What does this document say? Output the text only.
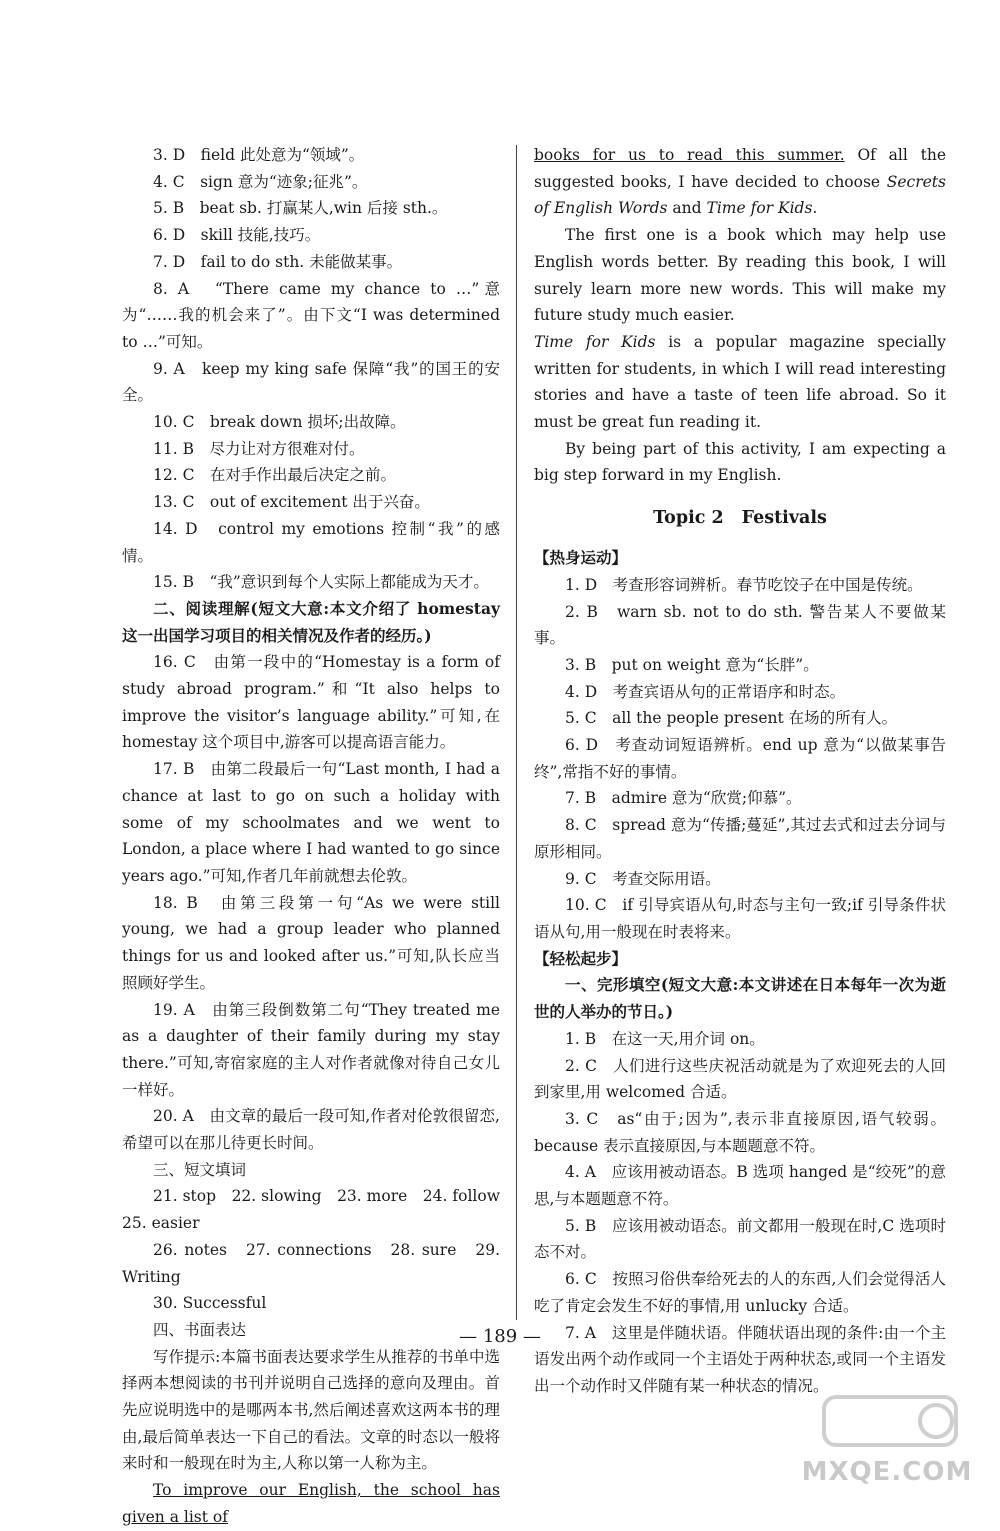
3. D　field 此处意为“领域”。

4. C　sign 意为“迹象;征兆”。

5. B　beat sb. 打赢某人,win 后接 sth.。

6. D　skill 技能,技巧。

7. D　fail to do sth. 未能做某事。

8. A　“There came my chance to …”意为“……我的机会来了”。由下文“I was determined to …”可知。

9. A　keep my king safe 保障“我”的国王的安全。

10. C　break down 损坏;出故障。

11. B　尽力让对方很难对付。

12. C　在对手作出最后决定之前。

13. C　out of excitement 出于兴奋。

14. D　control my emotions 控制“我”的感情。

15. B　“我”意识到每个人实际上都能成为天才。

二、阅读理解(短文大意:本文介绍了 homestay 这一出国学习项目的相关情况及作者的经历。)

16. C　由第一段中的“Homestay is a form of study abroad program.”和“It also helps to improve the visitor’s language ability.”可知,在 homestay 这个项目中,游客可以提高语言能力。

17. B　由第二段最后一句“Last month, I had a chance at last to go on such a holiday with some of my schoolmates and we went to London, a place where I had wanted to go since years ago.”可知,作者几年前就想去伦敦。

18. B　由第三段第一句“As we were still young, we had a group leader who planned things for us and looked after us.”可知,队长应当照顾好学生。

19. A　由第三段倒数第二句“They treated me as a daughter of their family during my stay there.”可知,寄宿家庭的主人对作者就像对待自己女儿一样好。

20. A　由文章的最后一段可知,作者对伦敦很留恋,希望可以在那儿待更长时间。

三、短文填词

21. stop　22. slowing　23. more　24. follow　25. easier

26. notes　27. connections　28. sure　29. Writing

30. Successful

四、书面表达

写作提示:本篇书面表达要求学生从推荐的书单中选择两本想阅读的书刊并说明自己选择的意向及理由。首先应说明选中的是哪两本书,然后阐述喜欢这两本书的理由,最后简单表达一下自己的看法。文章的时态以一般将来时和一般现在时为主,人称以第一人称为主。

To improve our English, the school has given a list of

books for us to read this summer. Of all the suggested books, I have decided to choose Secrets of English Words and Time for Kids.

The first one is a book which may help use English words better. By reading this book, I will surely learn more new words. This will make my future study much easier.

Time for Kids is a popular magazine specially written for students, in which I will read interesting stories and have a taste of teen life abroad. So it must be great fun reading it.

By being part of this activity, I am expecting a big step forward in my English.

Topic 2 Festivals

【热身运动】

1. D　考查形容词辨析。春节吃饺子在中国是传统。

2. B　warn sb. not to do sth. 警告某人不要做某事。

3. B　put on weight 意为“长胖”。

4. D　考查宾语从句的正常语序和时态。

5. C　all the people present 在场的所有人。

6. D　考查动词短语辨析。end up 意为“以做某事告终”,常指不好的事情。

7. B　admire 意为“欣赏;仰慕”。

8. C　spread 意为“传播;蔓延”,其过去式和过去分词与原形相同。

9. C　考查交际用语。

10. C　if 引导宾语从句,时态与主句一致;if 引导条件状语从句,用一般现在时表将来。

【轻松起步】

一、完形填空(短文大意:本文讲述在日本每年一次为逝世的人举办的节日。)

1. B　在这一天,用介词 on。

2. C　人们进行这些庆祝活动就是为了欢迎死去的人回到家里,用 welcomed 合适。

3. C　as“由于;因为”,表示非直接原因,语气较弱。because 表示直接原因,与本题题意不符。

4. A　应该用被动语态。B 选项 hanged 是“绞死”的意思,与本题题意不符。

5. B　应该用被动语态。前文都用一般现在时,C 选项时态不对。

6. C　按照习俗供奉给死去的人的东西,人们会觉得活人吃了肯定会发生不好的事情,用 unlucky 合适。

7. A　这里是伴随状语。伴随状语出现的条件:由一个主语发出两个动作或同一个主语处于两种状态,或同一个主语发出一个动作时又伴随有某一种状态的情况。

— 189 —
MXQE.COM
